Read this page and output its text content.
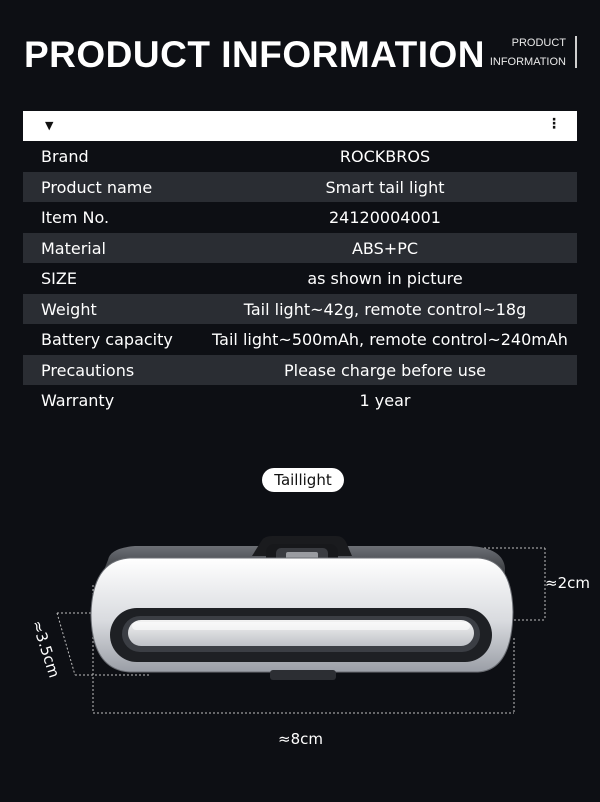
PRODUCT INFORMATION	PRODUCT
INFORMATION
▼	⋮
Brand	ROCKBROS
Product name	Smart tail light
Item No.	24120004001
Material	ABS+PC
SIZE	as shown in picture
Weight	Tail light~42g, remote control~18g
Battery capacity	Tail light~500mAh, remote control~240mAh
Precautions	Please charge before use
Warranty	1 year
Taillight
≈2cm
≈3.5cm
≈8cm
